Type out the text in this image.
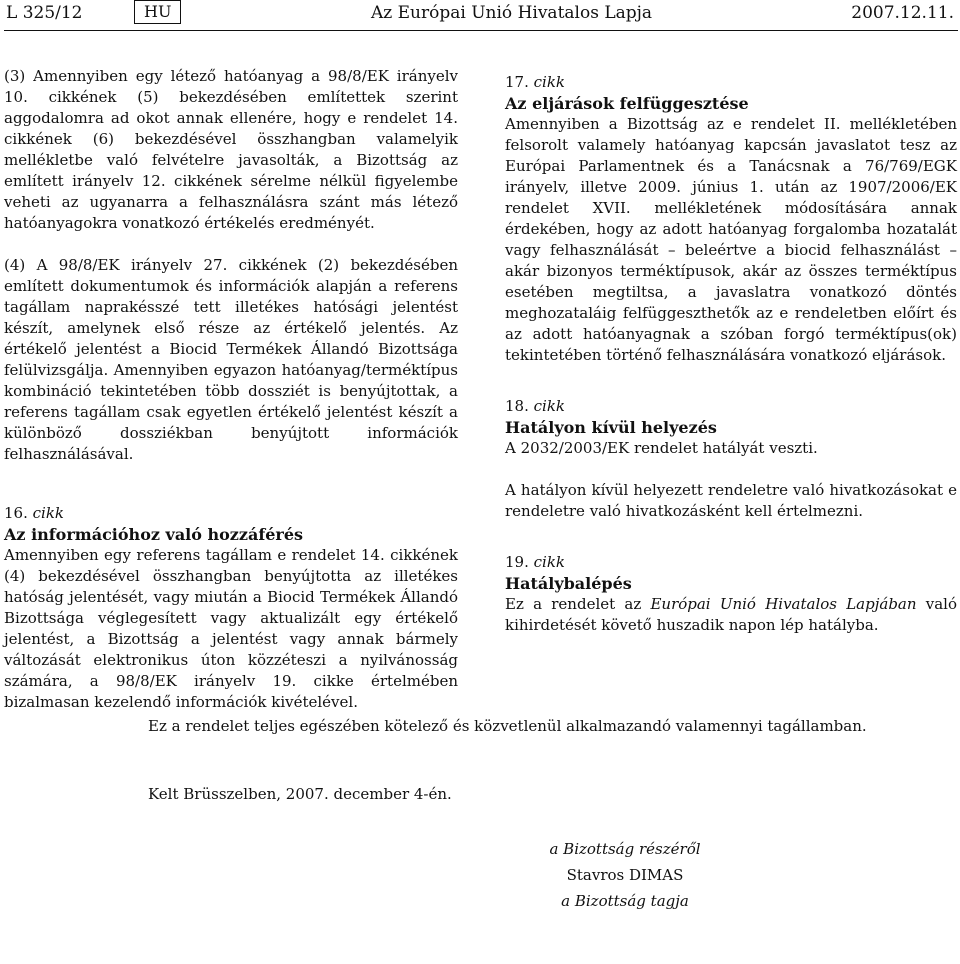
L 325/12	HU	Az Európai Unió Hivatalos Lapja	2007.12.11.

(3) Amennyiben egy létező hatóanyag a 98/8/EK irányelv 10. cikkének (5) bekezdésében említettek szerint aggodalomra ad okot annak ellenére, hogy e rendelet 14. cikkének (6) bekezdésével összhangban valamelyik mellékletbe való felvételre javasolták, a Bizottság az említett irányelv 12. cikkének sérelme nélkül figyelembe veheti az ugyanarra a felhasználásra szánt más létező hatóanyagokra vonatkozó értékelés eredményét.

(4) A 98/8/EK irányelv 27. cikkének (2) bekezdésében említett dokumentumok és információk alapján a referens tagállam naprakésszé tett illetékes hatósági jelentést készít, amelynek első része az értékelő jelentés. Az értékelő jelentést a Biocid Termékek Állandó Bizottsága felülvizsgálja. Amennyiben egyazon hatóanyag/terméktípus kombináció tekintetében több dossziét is benyújtottak, a referens tagállam csak egyetlen értékelő jelentést készít a különböző dossziékban benyújtott információk felhasználásával.

16. cikk

Az információhoz való hozzáférés

Amennyiben egy referens tagállam e rendelet 14. cikkének (4) bekezdésével összhangban benyújtotta az illetékes hatóság jelentését, vagy miután a Biocid Termékek Állandó Bizottsága véglegesített vagy aktualizált egy értékelő jelentést, a Bizottság a jelentést vagy annak bármely változását elektronikus úton közzéteszi a nyilvánosság számára, a 98/8/EK irányelv 19. cikke értelmében bizalmasan kezelendő információk kivételével.

17. cikk

Az eljárások felfüggesztése

Amennyiben a Bizottság az e rendelet II. mellékletében felsorolt valamely hatóanyag kapcsán javaslatot tesz az Európai Parlamentnek és a Tanácsnak a 76/769/EGK irányelv, illetve 2009. június 1. után az 1907/2006/EK rendelet XVII. mellékletének módosítására annak érdekében, hogy az adott hatóanyag forgalomba hozatalát vagy felhasználását – beleértve a biocid felhasználást – akár bizonyos terméktípusok, akár az összes terméktípus esetében megtiltsa, a javaslatra vonatkozó döntés meghozataláig felfüggeszthetők az e rendeletben előírt és az adott hatóanyagnak a szóban forgó terméktípus(ok) tekintetében történő felhasználására vonatkozó eljárások.

18. cikk

Hatályon kívül helyezés

A 2032/2003/EK rendelet hatályát veszti.

A hatályon kívül helyezett rendeletre való hivatkozásokat e rendeletre való hivatkozásként kell értelmezni.

19. cikk

Hatálybalépés

Ez a rendelet az Európai Unió Hivatalos Lapjában való kihirdetését követő huszadik napon lép hatályba.

Ez a rendelet teljes egészében kötelező és közvetlenül alkalmazandó valamennyi tagállamban.
Kelt Brüsszelben, 2007. december 4-én.
a Bizottság részéről
Stavros DIMAS
a Bizottság tagja
